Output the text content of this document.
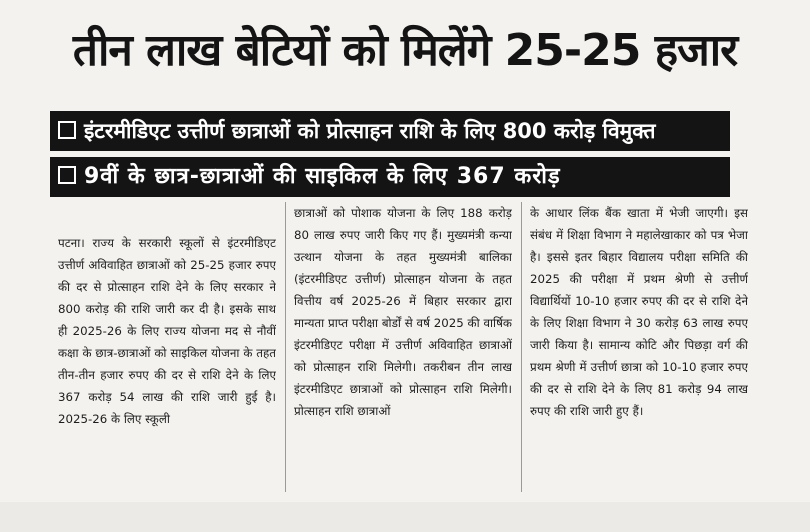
तीन लाख बेटियों को मिलेंगे 25-25 हजार
इंटरमीडिएट उत्तीर्ण छात्राओं को प्रोत्साहन राशि के लिए 800 करोड़ विमुक्त
9वीं के छात्र-छात्राओं की साइकिल के लिए 367 करोड़

पटना। राज्य के सरकारी स्कूलों से इंटरमीडिएट उत्तीर्ण अविवाहित छात्राओं को 25-25 हजार रुपए की दर से प्रोत्साहन राशि देने के लिए सरकार ने 800 करोड़ की राशि जारी कर दी है। इसके साथ ही 2025-26 के लिए राज्य योजना मद से नौवीं कक्षा के छात्र-छात्राओं को साइकिल योजना के तहत तीन-तीन हजार रुपए की दर से राशि देने के लिए 367 करोड़ 54 लाख की राशि जारी हुई है। 2025-26 के लिए स्कूली

छात्राओं को पोशाक योजना के लिए 188 करोड़ 80 लाख रुपए जारी किए गए हैं। मुख्यमंत्री कन्या उत्थान योजना के तहत मुख्यमंत्री बालिका (इंटरमीडिएट उत्तीर्ण) प्रोत्साहन योजना के तहत वित्तीय वर्ष 2025-26 में बिहार सरकार द्वारा मान्यता प्राप्त परीक्षा बोर्डों से वर्ष 2025 की वार्षिक इंटरमीडिएट परीक्षा में उत्तीर्ण अविवाहित छात्राओं को प्रोत्साहन राशि मिलेगी। तकरीबन तीन लाख इंटरमीडिएट छात्राओं को प्रोत्साहन राशि मिलेगी। प्रोत्साहन राशि छात्राओं

के आधार लिंक बैंक खाता में भेजी जाएगी। इस संबंध में शिक्षा विभाग ने महालेखाकार को पत्र भेजा है। इससे इतर बिहार विद्यालय परीक्षा समिति की 2025 की परीक्षा में प्रथम श्रेणी से उत्तीर्ण विद्यार्थियों 10-10 हजार रुपए की दर से राशि देने के लिए शिक्षा विभाग ने 30 करोड़ 63 लाख रुपए जारी किया है। सामान्य कोटि और पिछड़ा वर्ग की प्रथम श्रेणी में उत्तीर्ण छात्रा को 10-10 हजार रुपए की दर से राशि देने के लिए 81 करोड़ 94 लाख रुपए की राशि जारी हुए हैं।
